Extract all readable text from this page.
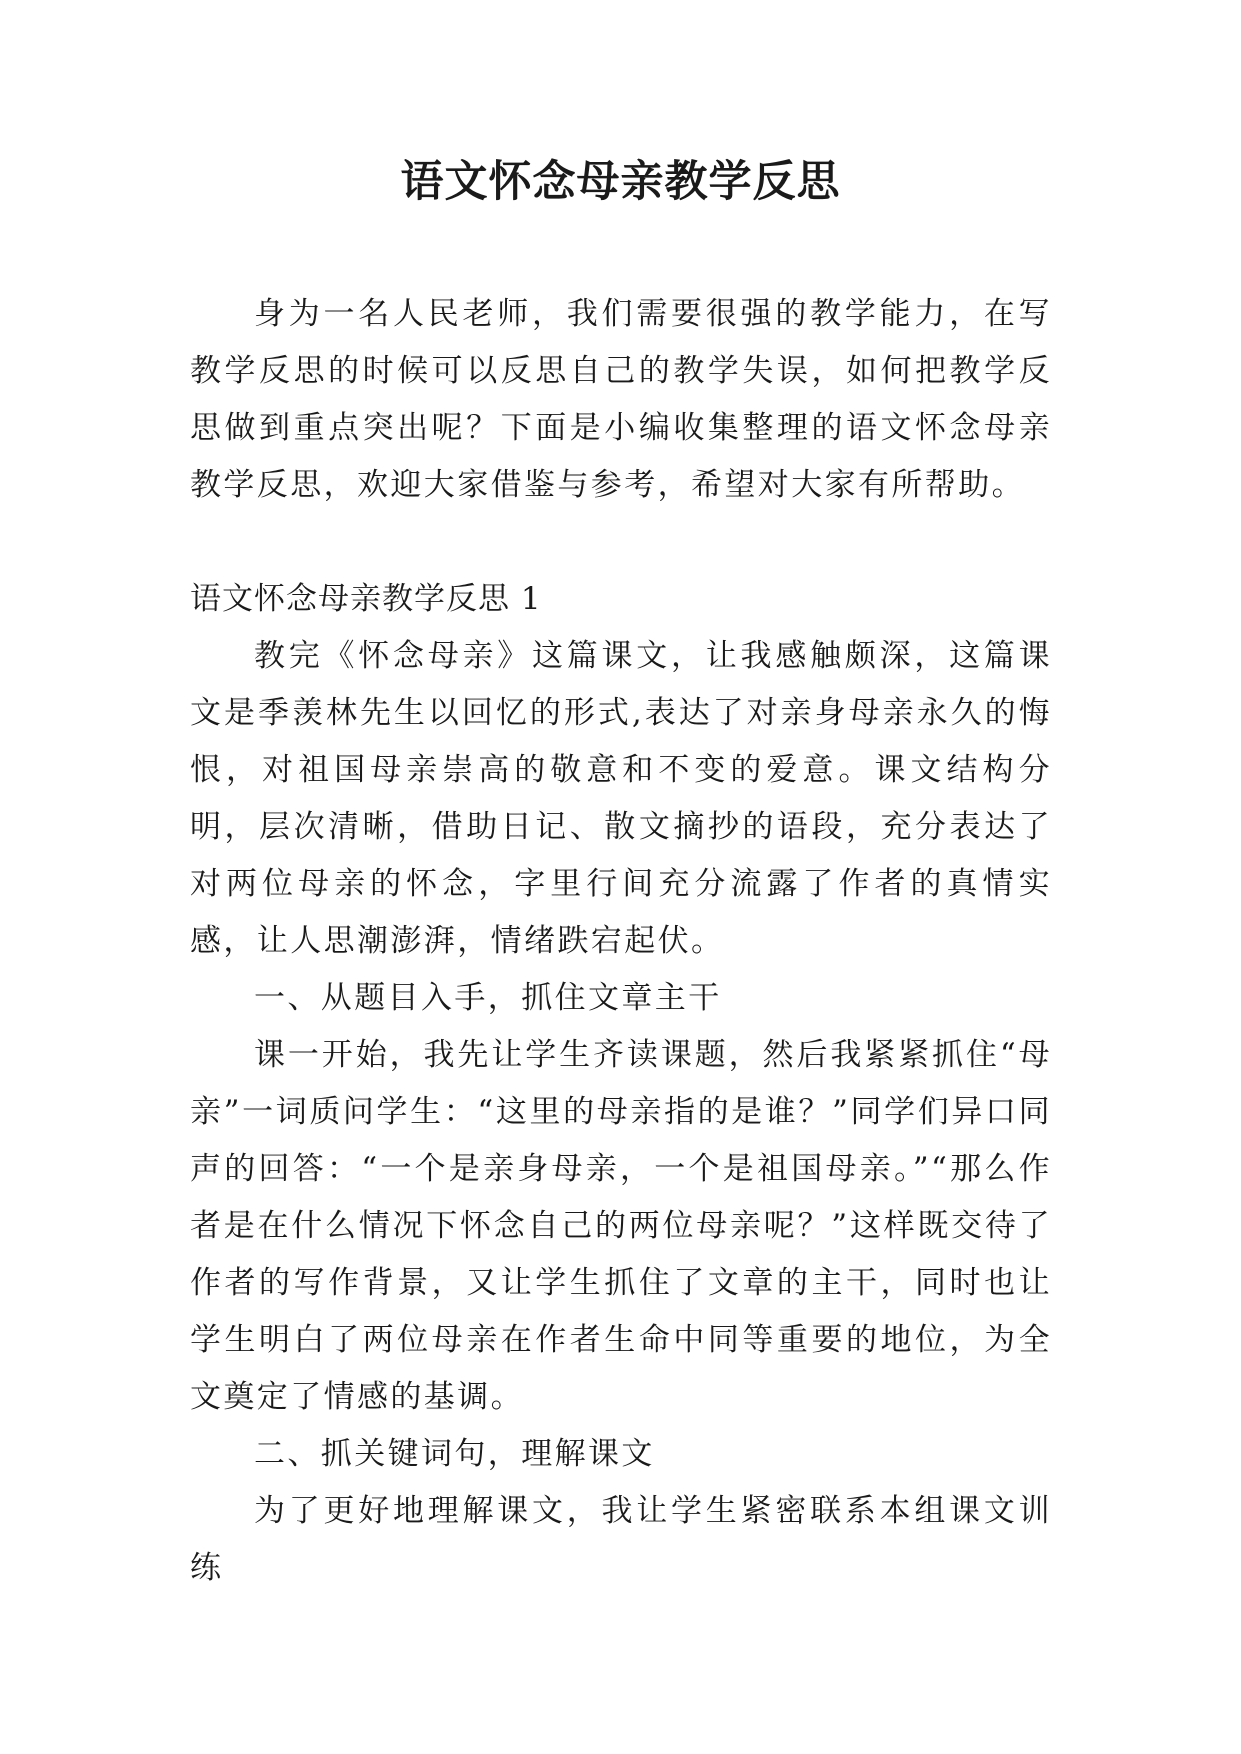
语文怀念母亲教学反思

身为一名人民老师，我们需要很强的教学能力，在写教学反思的时候可以反思自己的教学失误，如何把教学反思做到重点突出呢？下面是小编收集整理的语文怀念母亲教学反思，欢迎大家借鉴与参考，希望对大家有所帮助。

语文怀念母亲教学反思 1

教完《怀念母亲》这篇课文，让我感触颇深，这篇课文是季羡林先生以回忆的形式,表达了对亲身母亲永久的悔恨，对祖国母亲崇高的敬意和不变的爱意。课文结构分明，层次清晰，借助日记、散文摘抄的语段，充分表达了对两位母亲的怀念，字里行间充分流露了作者的真情实感，让人思潮澎湃，情绪跌宕起伏。

一、从题目入手，抓住文章主干

课一开始，我先让学生齐读课题，然后我紧紧抓住“母亲”一词质问学生：“这里的母亲指的是谁？”同学们异口同声的回答：“一个是亲身母亲，一个是祖国母亲。”“那么作者是在什么情况下怀念自己的两位母亲呢？”这样既交待了作者的写作背景，又让学生抓住了文章的主干，同时也让学生明白了两位母亲在作者生命中同等重要的地位，为全文奠定了情感的基调。

二、抓关键词句，理解课文

为了更好地理解课文，我让学生紧密联系本组课文训练
